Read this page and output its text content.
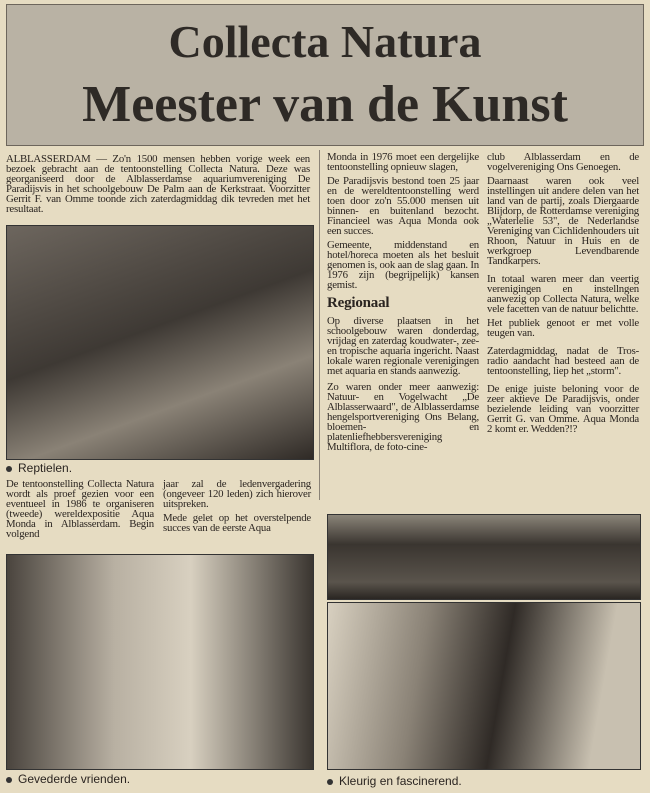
Collecta Natura
Meester van de Kunst
ALBLASSERDAM — Zo'n 1500 mensen hebben vorige week een bezoek gebracht aan de tentoonstelling Collecta Natura. Deze was georganiseerd door de Alblasserdamse aquariumvereniging De Paradijsvis in het schoolgebouw De Palm aan de Kerkstraat. Voorzitter Gerrit F. van Omme toonde zich zaterdagmiddag dik tevreden met het resultaat.
Reptielen.

De tentoonstelling Collecta Natura wordt als proef gezien voor een eventueel in 1986 te organiseren (tweede) wereldexpositie Aqua Monda in Alblasserdam. Begin volgend

jaar zal de ledenvergadering (ongeveer 120 leden) zich hierover uitspreken.

Mede gelet op het overstelpende succes van de eerste Aqua

Gevederde vrienden.

Monda in 1976 moet een dergelijke tentoonstelling opnieuw slagen,

De Paradijsvis bestond toen 25 jaar en de wereldtentoonstelling werd toen door zo'n 55.000 mensen uit binnen- en buitenland bezocht. Financieel was Aqua Monda ook een succes.

Gemeente, middenstand en hotel/horeca moeten als het besluit genomen is, ook aan de slag gaan. In 1976 zijn (begrijpelijk) kansen gemist.

Regionaal

Op diverse plaatsen in het schoolgebouw waren donderdag, vrijdag en zaterdag koudwater-, zee- en tropische aquaria ingericht. Naast lokale waren regionale verenigingen met aquaria en stands aanwezig.

Zo waren onder meer aanwezig: Natuur- en Vogelwacht „De Alblasserwaard", de Alblasserdamse hengelsportvereniging Ons Belang, bloemen- en platenliefhebbersvereniging Multiflora, de foto-cine-

club Alblasserdam en de vogelvereniging Ons Genoegen.

Daarnaast waren ook veel instellingen uit andere delen van het land van de partij, zoals Diergaarde Blijdorp, de Rotterdamse vereniging „Waterlelie 53", de Nederlandse Vereniging van Cichlidenhouders uit Rhoon, Natuur in Huis en de werkgroep Levendbarende Tandkarpers.

In totaal waren meer dan veertig verenigingen en instellngen aanwezig op Collecta Natura, welke vele facetten van de natuur belichtte.

Het publiek genoot er met volle teugen van.

Zaterdagmiddag, nadat de Tros-radio aandacht had besteed aan de tentoonstelling, liep het „storm".

De enige juiste beloning voor de zeer aktieve De Paradijsvis, onder bezielende leiding van voorzitter Gerrit G. van Omme. Aqua Monda 2 komt er. Wedden?!?

Kleurig en fascinerend.
